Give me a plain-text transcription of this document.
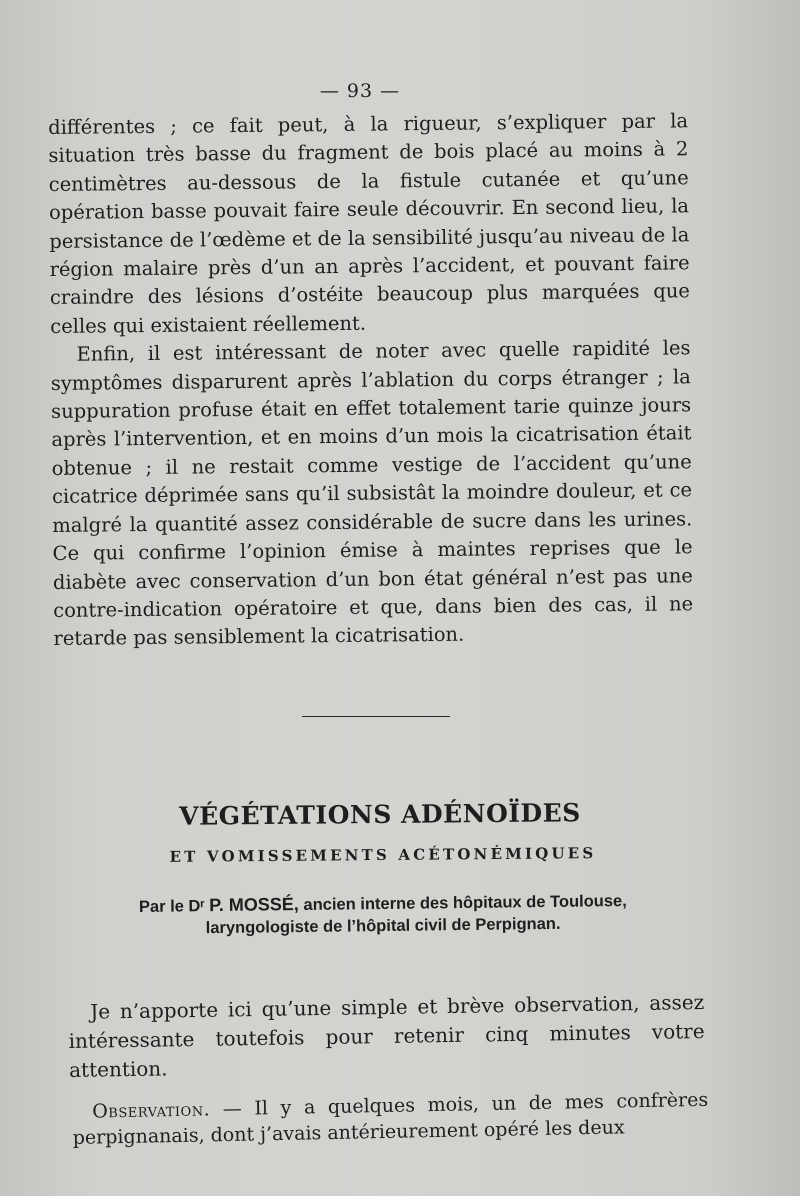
— 93 —

différentes ; ce fait peut, à la rigueur, s’expliquer par la situation très basse du fragment de bois placé au moins à 2 centimètres au-dessous de la fistule cutanée et qu’une opération basse pouvait faire seule découvrir. En second lieu, la persistance de l’œdème et de la sensibilité jusqu’au niveau de la région malaire près d’un an après l’accident, et pouvant faire craindre des lésions d’ostéite beaucoup plus marquées que celles qui existaient réellement.

Enfin, il est intéressant de noter avec quelle rapidité les symptômes disparurent après l’ablation du corps étranger ; la suppuration profuse était en effet totalement tarie quinze jours après l’intervention, et en moins d’un mois la cicatrisation était obtenue ; il ne restait comme vestige de l’accident qu’une cicatrice déprimée sans qu’il subsistât la moindre douleur, et ce malgré la quantité assez considérable de sucre dans les urines. Ce qui confirme l’opinion émise à maintes reprises que le diabète avec conservation d’un bon état général n’est pas une contre-indication opératoire et que, dans bien des cas, il ne retarde pas sensiblement la cicatrisation.

VÉGÉTATIONS ADÉNOÏDES
ET VOMISSEMENTS ACÉTONÉMIQUES
Par le Dʳ P. MOSSÉ, ancien interne des hôpitaux de Toulouse,
laryngologiste de l’hôpital civil de Perpignan.

Je n’apporte ici qu’une simple et brève observation, assez intéressante toutefois pour retenir cinq minutes votre attention.

Observation. — Il y a quelques mois, un de mes confrères perpignanais, dont j’avais antérieurement opéré les deux
